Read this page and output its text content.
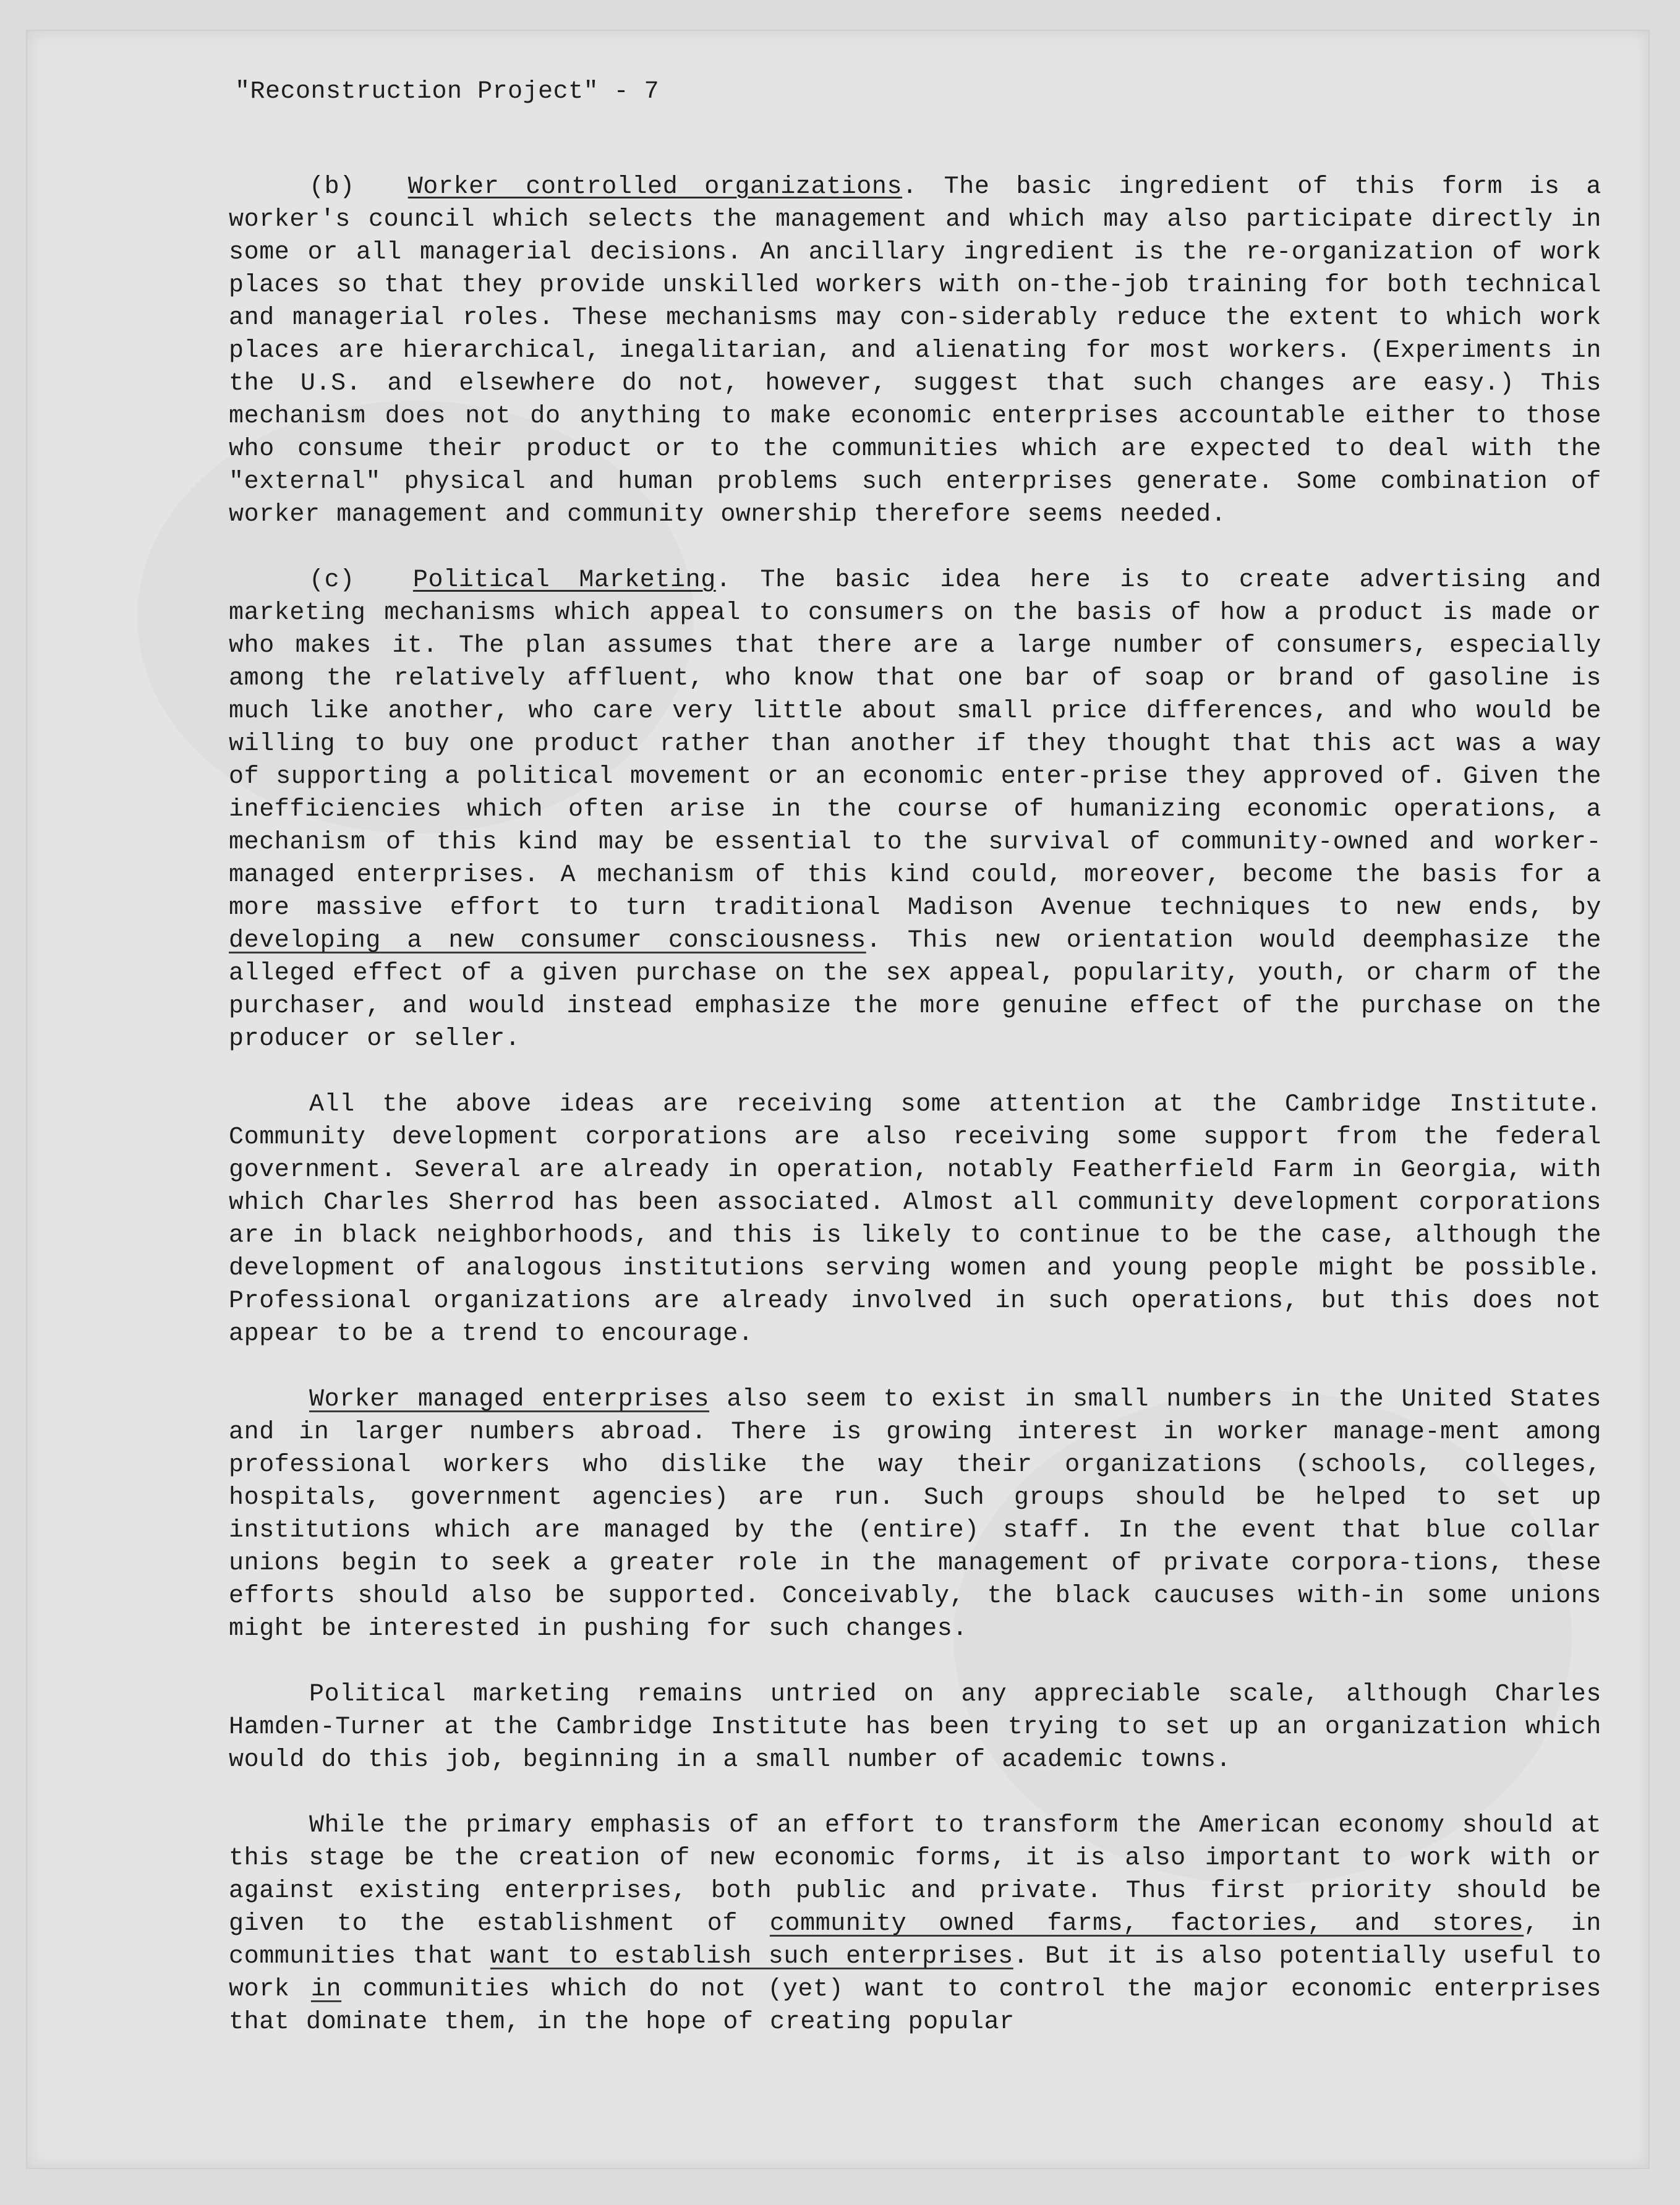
"Reconstruction Project" - 7

(b) Worker controlled organizations. The basic ingredient of this form is a worker's council which selects the management and which may also participate directly in some or all managerial decisions. An ancillary ingredient is the re-organization of work places so that they provide unskilled workers with on-the-job training for both technical and managerial roles. These mechanisms may con-siderably reduce the extent to which work places are hierarchical, inegalitarian, and alienating for most workers. (Experiments in the U.S. and elsewhere do not, however, suggest that such changes are easy.) This mechanism does not do anything to make economic enterprises accountable either to those who consume their product or to the communities which are expected to deal with the "external" physical and human problems such enterprises generate. Some combination of worker management and community ownership therefore seems needed.

(c) Political Marketing. The basic idea here is to create advertising and marketing mechanisms which appeal to consumers on the basis of how a product is made or who makes it. The plan assumes that there are a large number of consumers, especially among the relatively affluent, who know that one bar of soap or brand of gasoline is much like another, who care very little about small price differences, and who would be willing to buy one product rather than another if they thought that this act was a way of supporting a political movement or an economic enter-prise they approved of. Given the inefficiencies which often arise in the course of humanizing economic operations, a mechanism of this kind may be essential to the survival of community-owned and worker-managed enterprises. A mechanism of this kind could, moreover, become the basis for a more massive effort to turn traditional Madison Avenue techniques to new ends, by developing a new consumer consciousness. This new orientation would deemphasize the alleged effect of a given purchase on the sex appeal, popularity, youth, or charm of the purchaser, and would instead emphasize the more genuine effect of the purchase on the producer or seller.

All the above ideas are receiving some attention at the Cambridge Institute. Community development corporations are also receiving some support from the federal government. Several are already in operation, notably Featherfield Farm in Georgia, with which Charles Sherrod has been associated. Almost all community development corporations are in black neighborhoods, and this is likely to continue to be the case, although the development of analogous institutions serving women and young people might be possible. Professional organizations are already involved in such operations, but this does not appear to be a trend to encourage.

Worker managed enterprises also seem to exist in small numbers in the United States and in larger numbers abroad. There is growing interest in worker manage-ment among professional workers who dislike the way their organizations (schools, colleges, hospitals, government agencies) are run. Such groups should be helped to set up institutions which are managed by the (entire) staff. In the event that blue collar unions begin to seek a greater role in the management of private corpora-tions, these efforts should also be supported. Conceivably, the black caucuses with-in some unions might be interested in pushing for such changes.

Political marketing remains untried on any appreciable scale, although Charles Hamden-Turner at the Cambridge Institute has been trying to set up an organization which would do this job, beginning in a small number of academic towns.

While the primary emphasis of an effort to transform the American economy should at this stage be the creation of new economic forms, it is also important to work with or against existing enterprises, both public and private. Thus first priority should be given to the establishment of community owned farms, factories, and stores, in communities that want to establish such enterprises. But it is also potentially useful to work in communities which do not (yet) want to control the major economic enterprises that dominate them, in the hope of creating popular
